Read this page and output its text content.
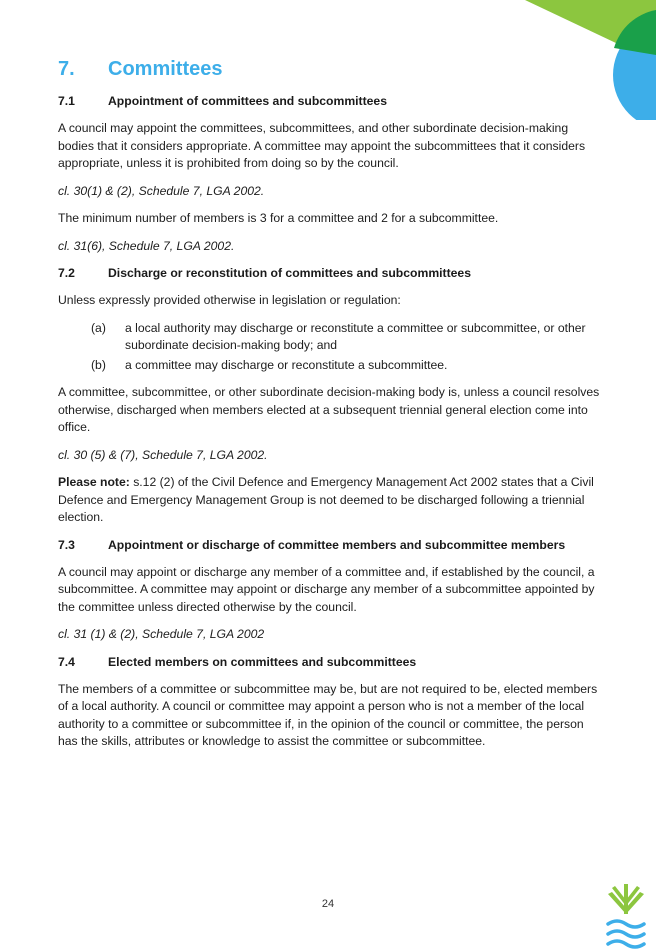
7.	Committees
7.1	Appointment of committees and subcommittees

A council may appoint the committees, subcommittees, and other subordinate decision-making bodies that it considers appropriate. A committee may appoint the subcommittees that it considers appropriate, unless it is prohibited from doing so by the council.

cl. 30(1) & (2), Schedule 7, LGA 2002.

The minimum number of members is 3 for a committee and 2 for a subcommittee.

cl. 31(6), Schedule 7, LGA 2002.

7.2	Discharge or reconstitution of committees and subcommittees

Unless expressly provided otherwise in legislation or regulation:

(a)	a local authority may discharge or reconstitute a committee or subcommittee, or other subordinate decision-making body; and
(b)	a committee may discharge or reconstitute a subcommittee.

A committee, subcommittee, or other subordinate decision-making body is, unless a council resolves otherwise, discharged when members elected at a subsequent triennial general election come into office.

cl. 30 (5) & (7), Schedule 7, LGA 2002.

Please note: s.12 (2) of the Civil Defence and Emergency Management Act 2002 states that a Civil Defence and Emergency Management Group is not deemed to be discharged following a triennial election.

7.3	Appointment or discharge of committee members and subcommittee members

A council may appoint or discharge any member of a committee and, if established by the council, a subcommittee. A committee may appoint or discharge any member of a subcommittee appointed by the committee unless directed otherwise by the council.

cl. 31 (1) & (2), Schedule 7, LGA 2002

7.4	Elected members on committees and subcommittees

The members of a committee or subcommittee may be, but are not required to be, elected members of a local authority. A council or committee may appoint a person who is not a member of the local authority to a committee or subcommittee if, in the opinion of the council or committee, the person has the skills, attributes or knowledge to assist the committee or subcommittee.

24
